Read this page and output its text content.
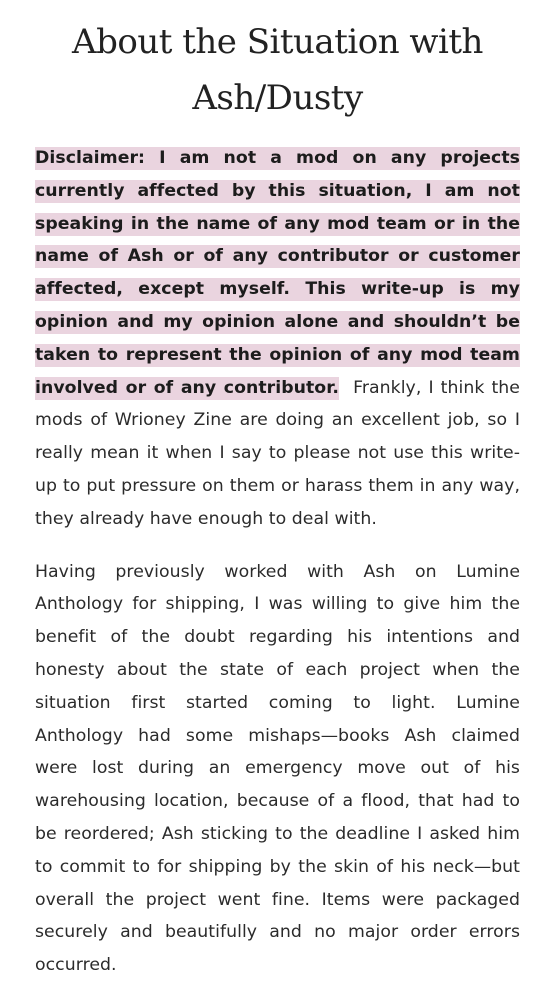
About the Situation with Ash/Dusty

Disclaimer: I am not a mod on any projects currently affected by this situation, I am not speaking in the name of any mod team or in the name of Ash or of any contributor or customer affected, except myself. This write-up is my opinion and my opinion alone and shouldn’t be taken to represent the opinion of any mod team involved or of any contributor. Frankly, I think the mods of Wrioney Zine are doing an excellent job, so I really mean it when I say to please not use this write-up to put pressure on them or harass them in any way, they already have enough to deal with.

Having previously worked with Ash on Lumine Anthology for shipping, I was willing to give him the benefit of the doubt regarding his intentions and honesty about the state of each project when the situation first started coming to light. Lumine Anthology had some mishaps—books Ash claimed were lost during an emergency move out of his warehousing location, because of a flood, that had to be reordered; Ash sticking to the deadline I asked him to commit to for shipping by the skin of his neck—but overall the project went fine. Items were packaged securely and beautifully and no major order errors occurred.
